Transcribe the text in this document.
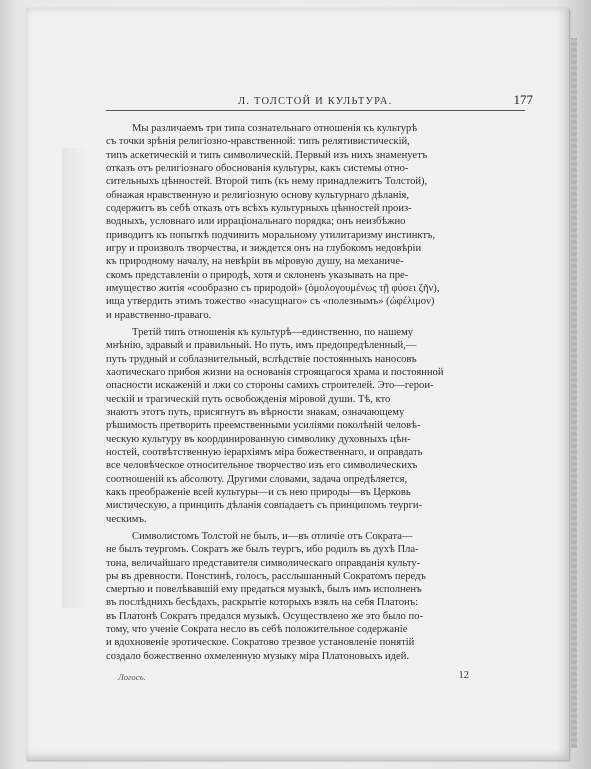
Л. ТОЛСТОЙ И КУЛЬТУРА.	177

Мы различаемъ три типа сознательнаго отношенія къ культурѣ
съ точки зрѣнія религіозно-нравственной: типъ релятивистическій,
типъ аскетическій и типъ символическій. Первый изъ нихъ знаменуетъ
отказъ отъ религіознаго обоснованія культуры, какъ системы отно-
сительныхъ цѣнностей. Второй типъ (къ нему принадлежитъ Толстой),
обнажая нравственную и религіозную основу культурнаго дѣланія,
содержитъ въ себѣ отказъ отъ всѣхъ культурныхъ цѣнностей произ-
водныхъ, условнаго или ирраціональнаго порядка; онъ неизбѣжно
приводитъ къ попыткѣ подчинить моральному утилитаризму инстинктъ,
игру и произволъ творчества, и зиждется онъ на глубокомъ недовѣріи
къ природному началу, на невѣріи въ міровую душу, на механиче-
скомъ представленіи о природѣ, хотя и склоненъ указывать на пре-
имущество житія «сообразно съ природой» (ὁμολογουμένως τῇ φύσει ζῆν),
ища утвердить этимъ тожество «насущнаго» съ «полезнымъ» (ὠφέλιμον)
и нравственно-праваго.

Третій типъ отношенія къ культурѣ—единственно, по нашему
мнѣнію, здравый и правильный. Но путь, имъ предопредѣленный,—
путь трудный и соблазнительный, вслѣдствіе постоянныхъ наносовъ
хаотическаго прибоя жизни на основанія строящагося храма и постоянной
опасности искаженій и лжи со стороны самихъ строителей. Это—герои-
ческій и трагическій путь освобожденія міровой души. Тѣ, кто
знаютъ этотъ путь, присягнутъ въ вѣрности знакам, означающему
рѣшимость претворить преемственными усиліями поколѣній человѣ-
ческую культуру въ координированную символику духовныхъ цѣн-
ностей, соотвѣтственную іерархіямъ міра божественнаго, и оправдать
все человѣческое относительное творчество изъ его символическихъ
соотношеній къ абсолюту. Другими словами, задача опредѣляется,
какъ преображеніе всей культуры—и съ нею природы—въ Церковь
мистическую, а принципъ дѣланія совпадаетъ съ принципомъ теурги-
ческимъ.

Символистомъ Толстой не былъ, и—въ отличіе отъ Сократа—
не былъ теургомъ. Сократъ же былъ теургъ, ибо родилъ въ духѣ Пла-
тона, величайшаго представителя символическаго оправданія культу-
ры въ древности. Понстинѣ, голосъ, расслышанный Сократомъ передъ
смертью и повелѣвавшій ему предаться музыкѣ, былъ имъ исполненъ
въ послѣднихъ бесѣдахъ, раскрытіе которыхъ взялъ на себя Платонъ:
въ Платонѣ Сократъ предался музыкѣ. Осуществлено же это было по-
тому, что ученіе Сократа несло въ себѣ положительное содержаніе
и вдохновеніе эротическое. Сократово трезвое установленіе понятій
создало божественно охмеленную музыку міра Платоновыхъ идей.

Логосъ.	12
